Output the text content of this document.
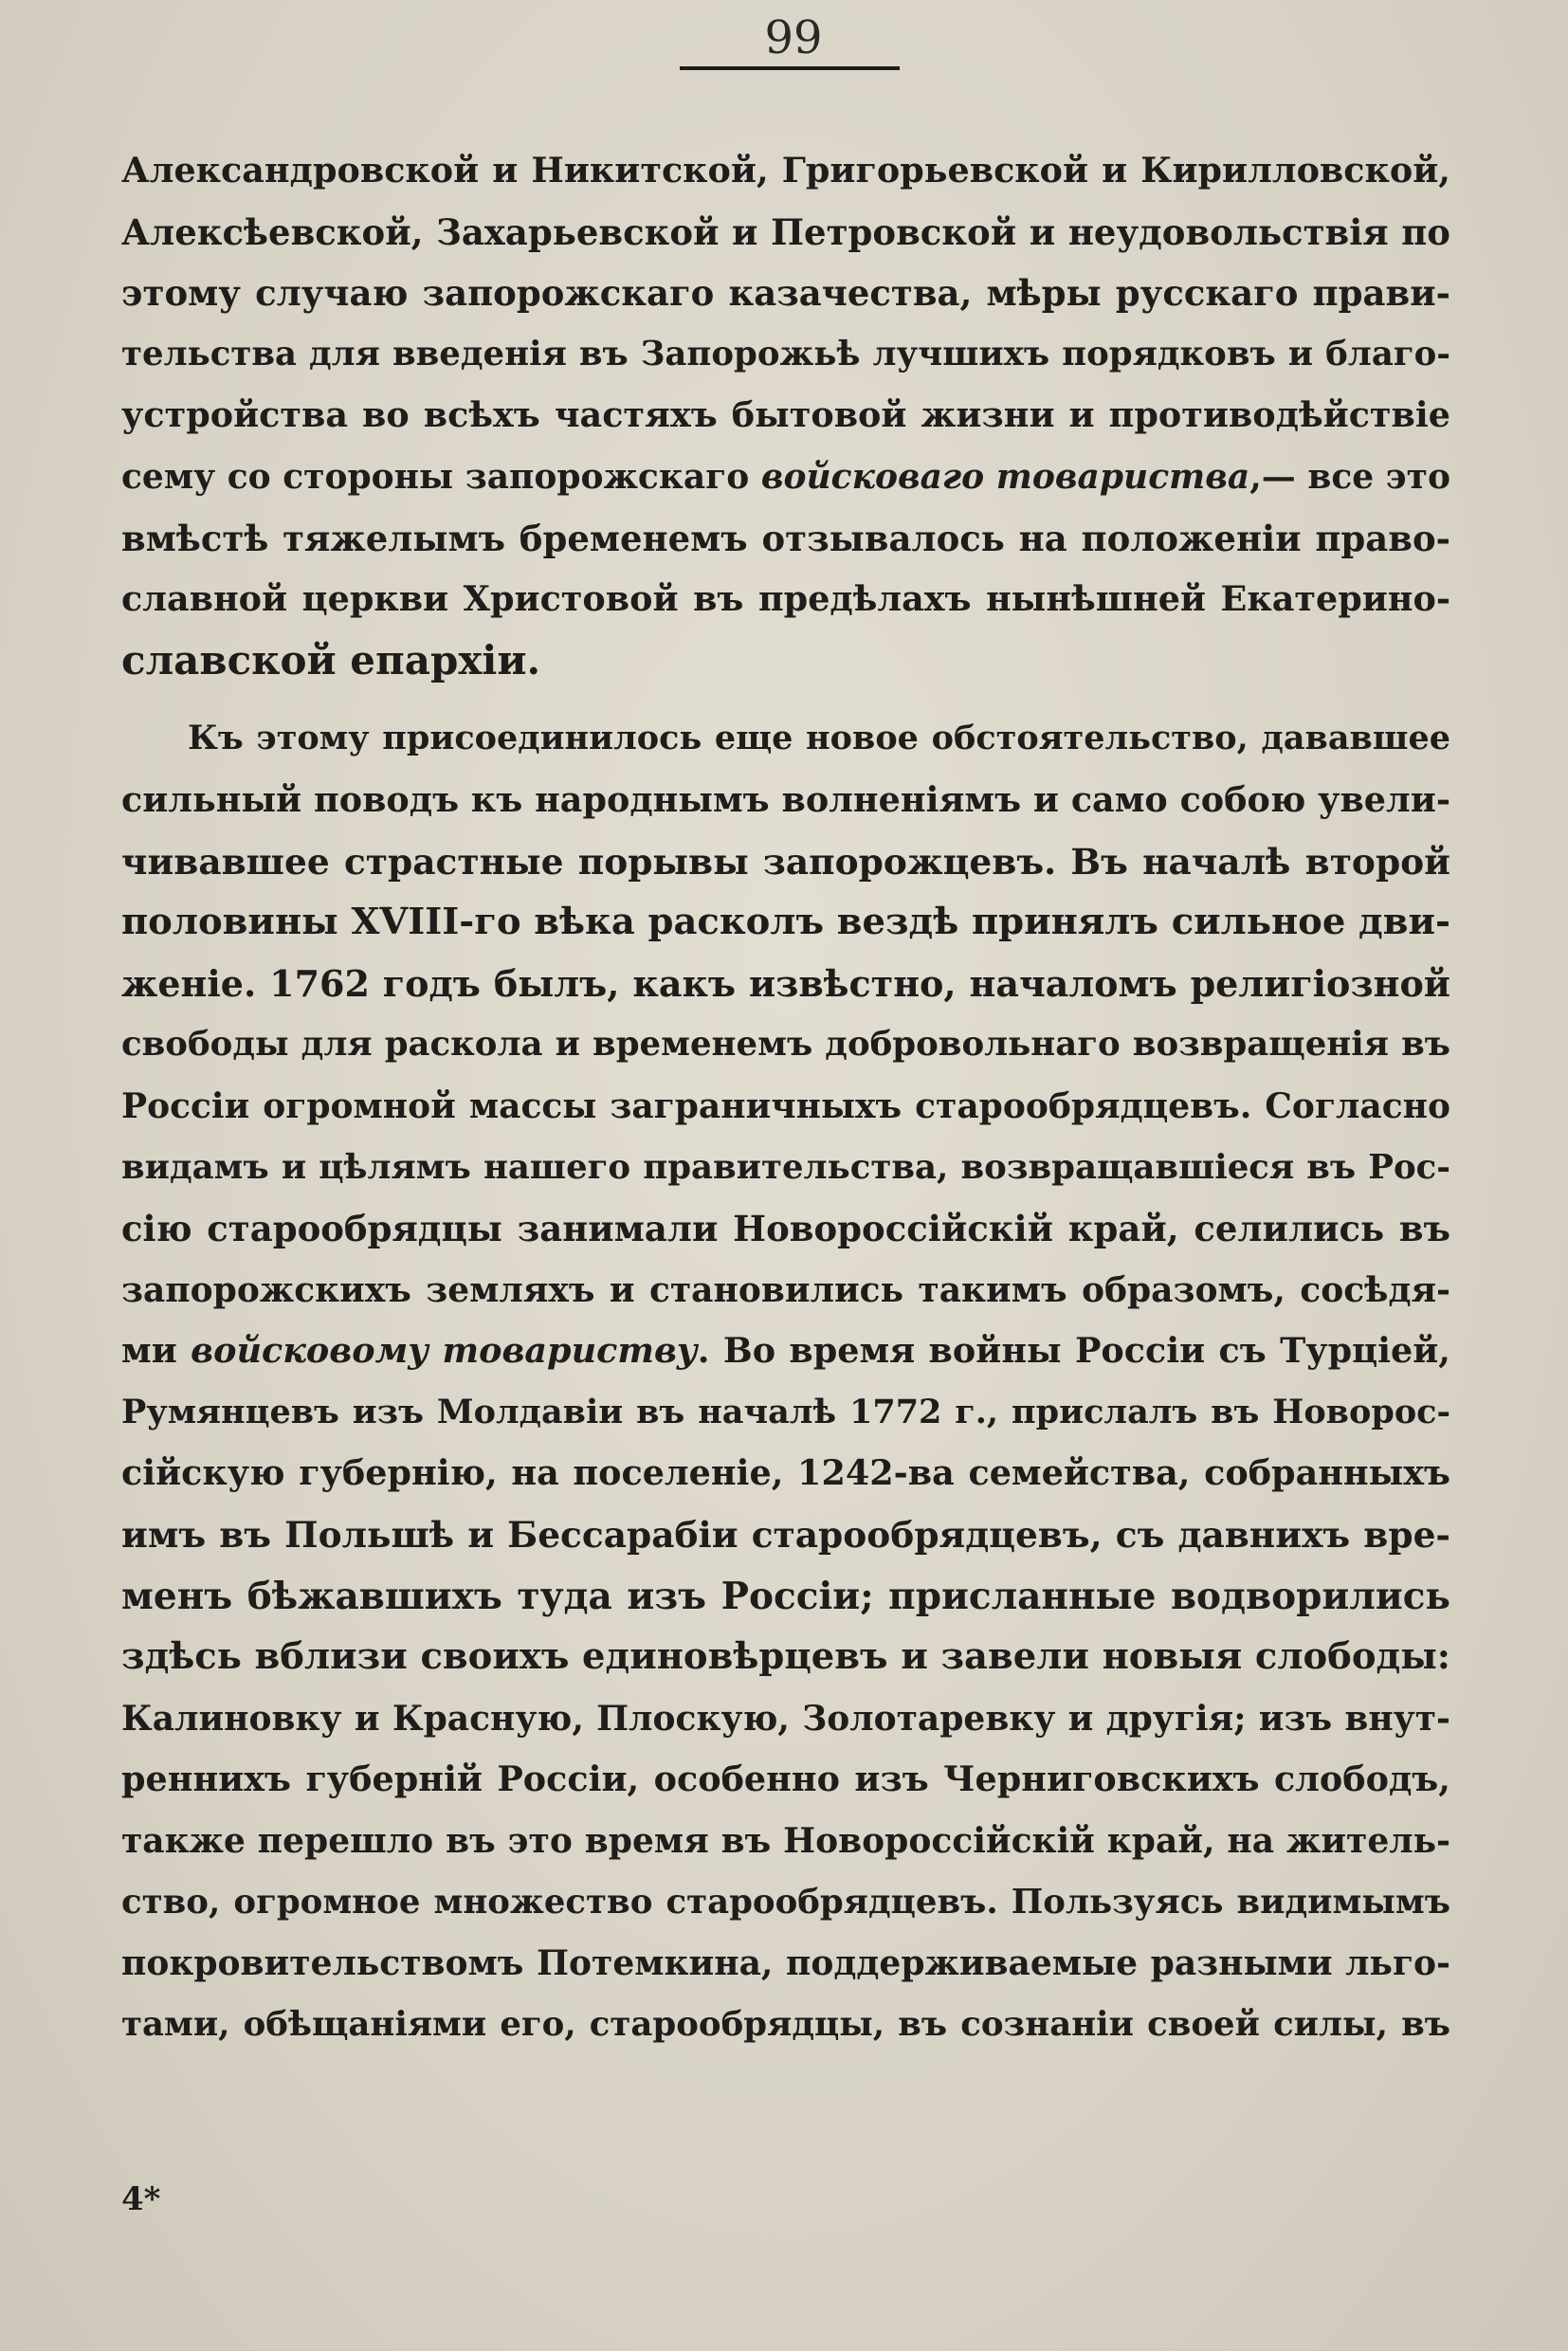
99
Александровской и Никитской, Григорьевской и Кирилловской,
Алексѣевской, Захарьевской и Петровской и неудовольствія по
этому случаю запорожскаго казачества, мѣры русскаго прави-
тельства для введенія въ Запорожьѣ лучшихъ порядковъ и благо-
устройства во всѣхъ частяхъ бытовой жизни и противодѣйствіе
сему со стороны запорожскаго войсковаго товариства,— все это
вмѣстѣ тяжелымъ бременемъ отзывалось на положеніи право-
славной церкви Христовой въ предѣлахъ нынѣшней Екатерино-
славской епархіи.
Къ этому присоединилось еще новое обстоятельство, дававшее
сильный поводъ къ народнымъ волненіямъ и само собою увели-
чивавшее страстные порывы запорожцевъ. Въ началѣ второй
половины XVIII-го вѣка расколъ вездѣ принялъ сильное дви-
женіе. 1762 годъ былъ, какъ извѣстно, началомъ религіозной
свободы для раскола и временемъ добровольнаго возвращенія въ
Россіи огромной массы заграничныхъ старообрядцевъ. Согласно
видамъ и цѣлямъ нашего правительства, возвращавшіеся въ Рос-
сію старообрядцы занимали Новороссійскій край, селились въ
запорожскихъ земляхъ и становились такимъ образомъ, сосѣдя-
ми войсковому товариству. Во время войны Россіи съ Турціей,
Румянцевъ изъ Молдавіи въ началѣ 1772 г., прислалъ въ Новорос-
сійскую губернію, на поселеніе, 1242-ва семейства, собранныхъ
имъ въ Польшѣ и Бессарабіи старообрядцевъ, съ давнихъ вре-
менъ бѣжавшихъ туда изъ Россіи; присланные водворились
здѣсь вблизи своихъ единовѣрцевъ и завели новыя слободы:
Калиновку и Красную, Плоскую, Золотаревку и другія; изъ внут-
реннихъ губерній Россіи, особенно изъ Черниговскихъ слободъ,
также перешло въ это время въ Новороссійскій край, на житель-
ство, огромное множество старообрядцевъ. Пользуясь видимымъ
покровительствомъ Потемкина, поддерживаемые разными льго-
тами, обѣщаніями его, старообрядцы, въ сознаніи своей силы, въ
4*
